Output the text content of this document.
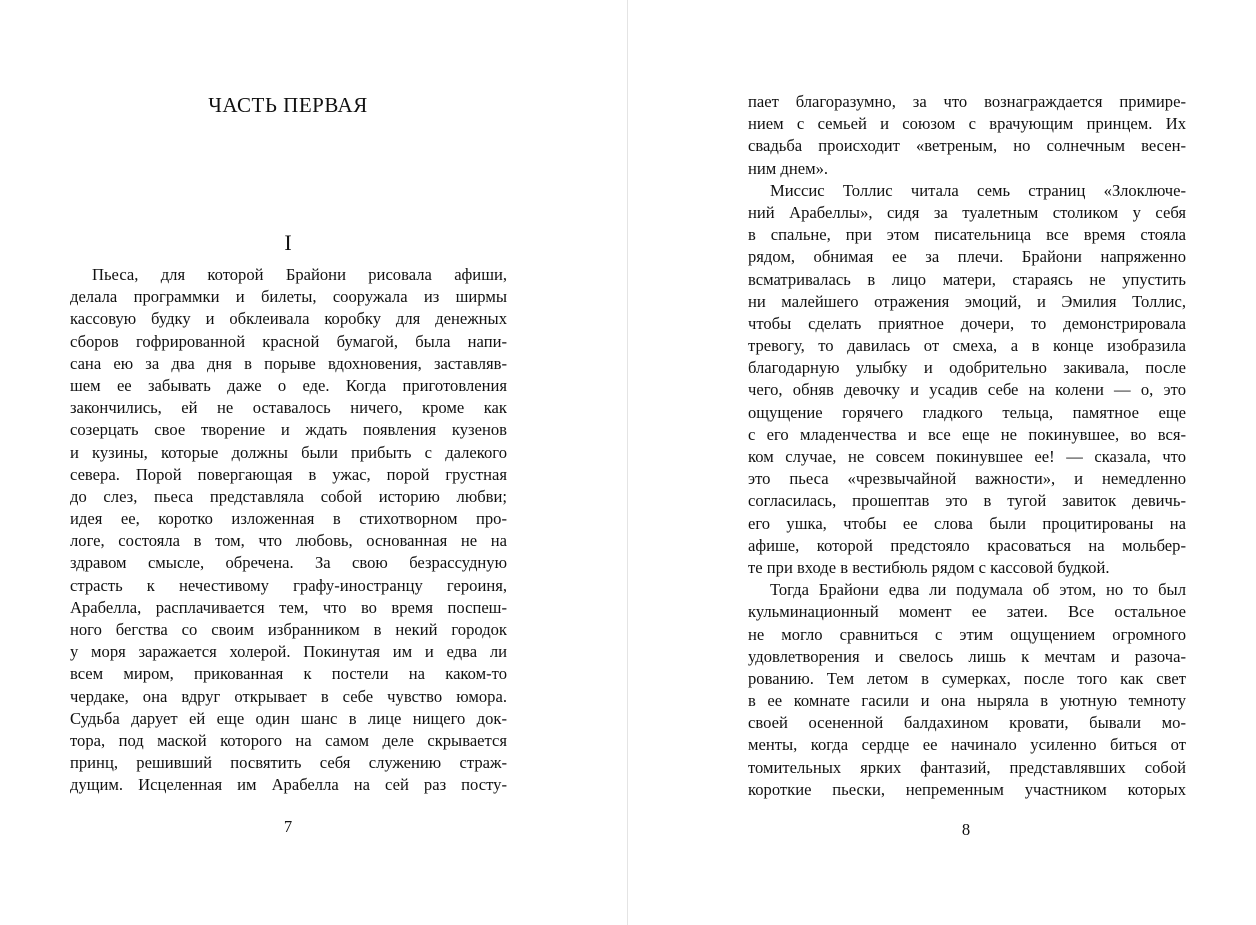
ЧАСТЬ ПЕРВАЯ
I
Пьеса, для которой Брайони рисовала афиши,
делала программки и билеты, сооружала из ширмы
кассовую будку и обклеивала коробку для денежных
сборов гофрированной красной бумагой, была напи-
сана ею за два дня в порыве вдохновения, заставляв-
шем ее забывать даже о еде. Когда приготовления
закончились, ей не оставалось ничего, кроме как
созерцать свое творение и ждать появления кузенов
и кузины, которые должны были прибыть с далекого
севера. Порой повергающая в ужас, порой грустная
до слез, пьеса представляла собой историю любви;
идея ее, коротко изложенная в стихотворном про-
логе, состояла в том, что любовь, основанная не на
здравом смысле, обречена. За свою безрассудную
страсть к нечестивому графу-иностранцу героиня,
Арабелла, расплачивается тем, что во время поспеш-
ного бегства со своим избранником в некий городок
у моря заражается холерой. Покинутая им и едва ли
всем миром, прикованная к постели на каком-то
чердаке, она вдруг открывает в себе чувство юмора.
Судьба дарует ей еще один шанс в лице нищего док-
тора, под маской которого на самом деле скрывается
принц, решивший посвятить себя служению страж-
дущим. Исцеленная им Арабелла на сей раз посту-
7
пает благоразумно, за что вознаграждается примире-
нием с семьей и союзом с врачующим принцем. Их
свадьба происходит «ветреным, но солнечным весен-
ним днем».
Миссис Толлис читала семь страниц «Злоключе-
ний Арабеллы», сидя за туалетным столиком у себя
в спальне, при этом писательница все время стояла
рядом, обнимая ее за плечи. Брайони напряженно
всматривалась в лицо матери, стараясь не упустить
ни малейшего отражения эмоций, и Эмилия Толлис,
чтобы сделать приятное дочери, то демонстрировала
тревогу, то давилась от смеха, а в конце изобразила
благодарную улыбку и одобрительно закивала, после
чего, обняв девочку и усадив себе на колени — о, это
ощущение горячего гладкого тельца, памятное еще
с его младенчества и все еще не покинувшее, во вся-
ком случае, не совсем покинувшее ее! — сказала, что
это пьеса «чрезвычайной важности», и немедленно
согласилась, прошептав это в тугой завиток девичь-
его ушка, чтобы ее слова были процитированы на
афише, которой предстояло красоваться на мольбер-
те при входе в вестибюль рядом с кассовой будкой.
Тогда Брайони едва ли подумала об этом, но то был
кульминационный момент ее затеи. Все остальное
не могло сравниться с этим ощущением огромного
удовлетворения и свелось лишь к мечтам и разоча-
рованию. Тем летом в сумерках, после того как свет
в ее комнате гасили и она ныряла в уютную темноту
своей осененной балдахином кровати, бывали мо-
менты, когда сердце ее начинало усиленно биться от
томительных ярких фантазий, представлявших собой
короткие пьески, непременным участником которых
8
